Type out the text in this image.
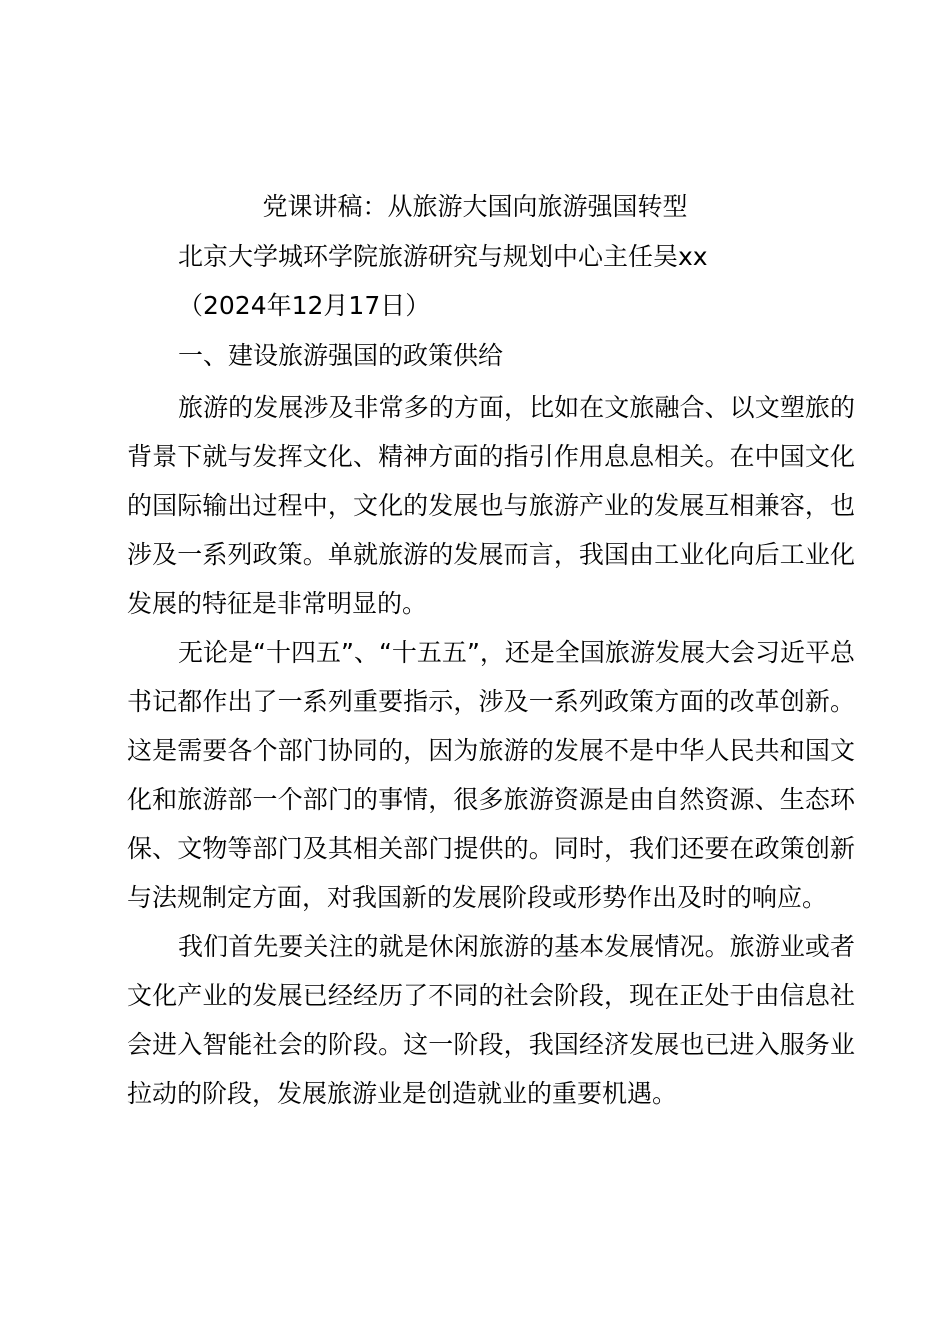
党课讲稿：从旅游大国向旅游强国转型
北京大学城环学院旅游研究与规划中心主任吴xx
（2024年12月17日）
一、建设旅游强国的政策供给

旅游的发展涉及非常多的方面，比如在文旅融合、以文塑旅的背景下就与发挥文化、精神方面的指引作用息息相关。在中国文化的国际输出过程中，文化的发展也与旅游产业的发展互相兼容，也涉及一系列政策。单就旅游的发展而言，我国由工业化向后工业化发展的特征是非常明显的。

无论是“十四五”、“十五五”，还是全国旅游发展大会习近平总书记都作出了一系列重要指示，涉及一系列政策方面的改革创新。这是需要各个部门协同的，因为旅游的发展不是中华人民共和国文化和旅游部一个部门的事情，很多旅游资源是由自然资源、生态环保、文物等部门及其相关部门提供的。同时，我们还要在政策创新与法规制定方面，对我国新的发展阶段或形势作出及时的响应。

我们首先要关注的就是休闲旅游的基本发展情况。旅游业或者文化产业的发展已经经历了不同的社会阶段，现在正处于由信息社会进入智能社会的阶段。这一阶段，我国经济发展也已进入服务业拉动的阶段，发展旅游业是创造就业的重要机遇。
